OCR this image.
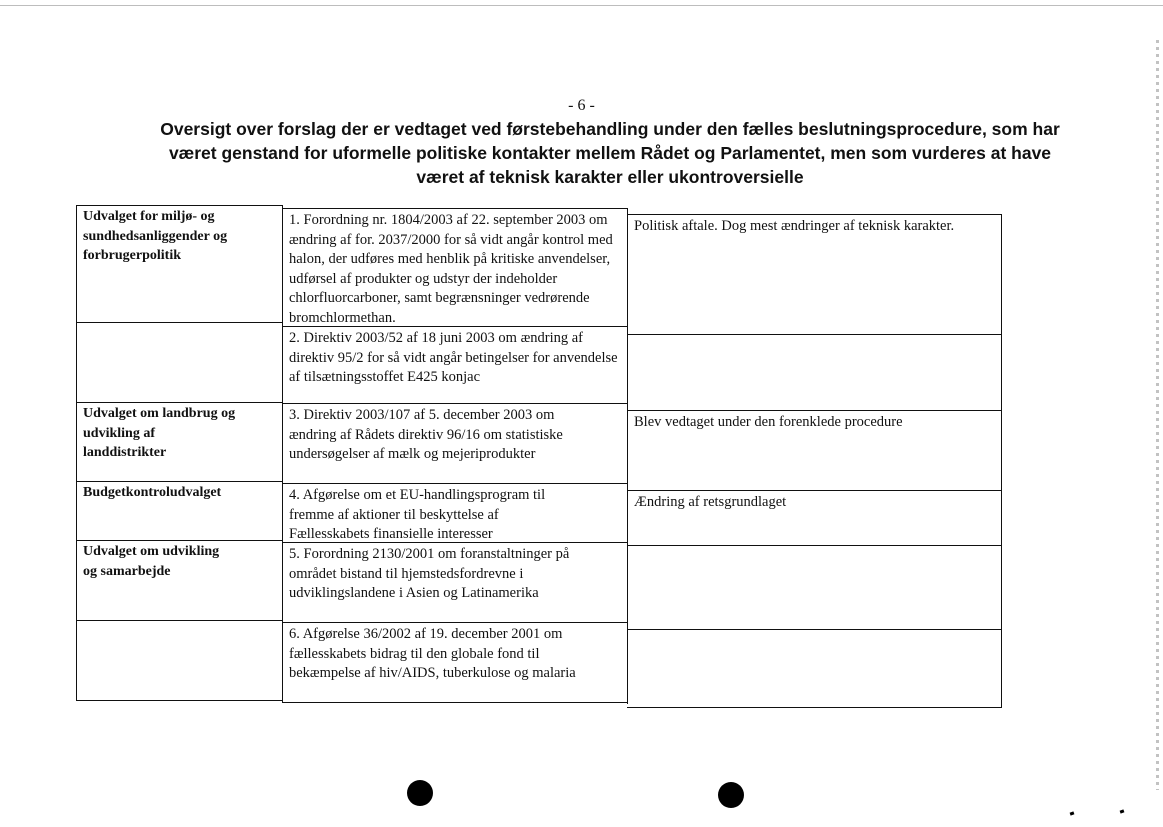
- 6 -
Oversigt over forslag der er vedtaget ved førstebehandling under den fælles beslutningsprocedure, som har
været genstand for uformelle politiske kontakter mellem Rådet og Parlamentet, men som vurderes at have
været af teknisk karakter eller ukontroversielle
Udvalget for miljø- og sundhedsanliggender og forbrugerpolitik
1. Forordning nr. 1804/2003 af 22. september 2003 om ændring af for. 2037/2000 for så vidt angår kontrol med halon, der udføres med henblik på kritiske anvendelser, udførsel af produkter og udstyr der indeholder chlorfluorcarboner, samt begrænsninger vedrørende bromchlormethan.
Politisk aftale. Dog mest ændringer af teknisk karakter.
2. Direktiv 2003/52 af 18 juni 2003 om ændring af direktiv 95/2 for så vidt angår betingelser for anvendelse af tilsætningsstoffet E425 konjac
Udvalget om landbrug og udvikling af landdistrikter
3. Direktiv 2003/107 af 5. december 2003 om ændring af Rådets direktiv 96/16 om statistiske undersøgelser af mælk og mejeriprodukter
Blev vedtaget under den forenklede procedure
Budgetkontroludvalget	4. Afgørelse om et EU-handlingsprogram til fremme af aktioner til beskyttelse af Fællesskabets finansielle interesser
Ændring af retsgrundlaget
Udvalget om udvikling og samarbejde
5. Forordning 2130/2001 om foranstaltninger på området bistand til hjemstedsfordrevne i udviklingslandene i Asien og Latinamerika
6. Afgørelse 36/2002 af 19. december 2001 om fællesskabets bidrag til den globale fond til bekæmpelse af hiv/AIDS, tuberkulose og malaria
